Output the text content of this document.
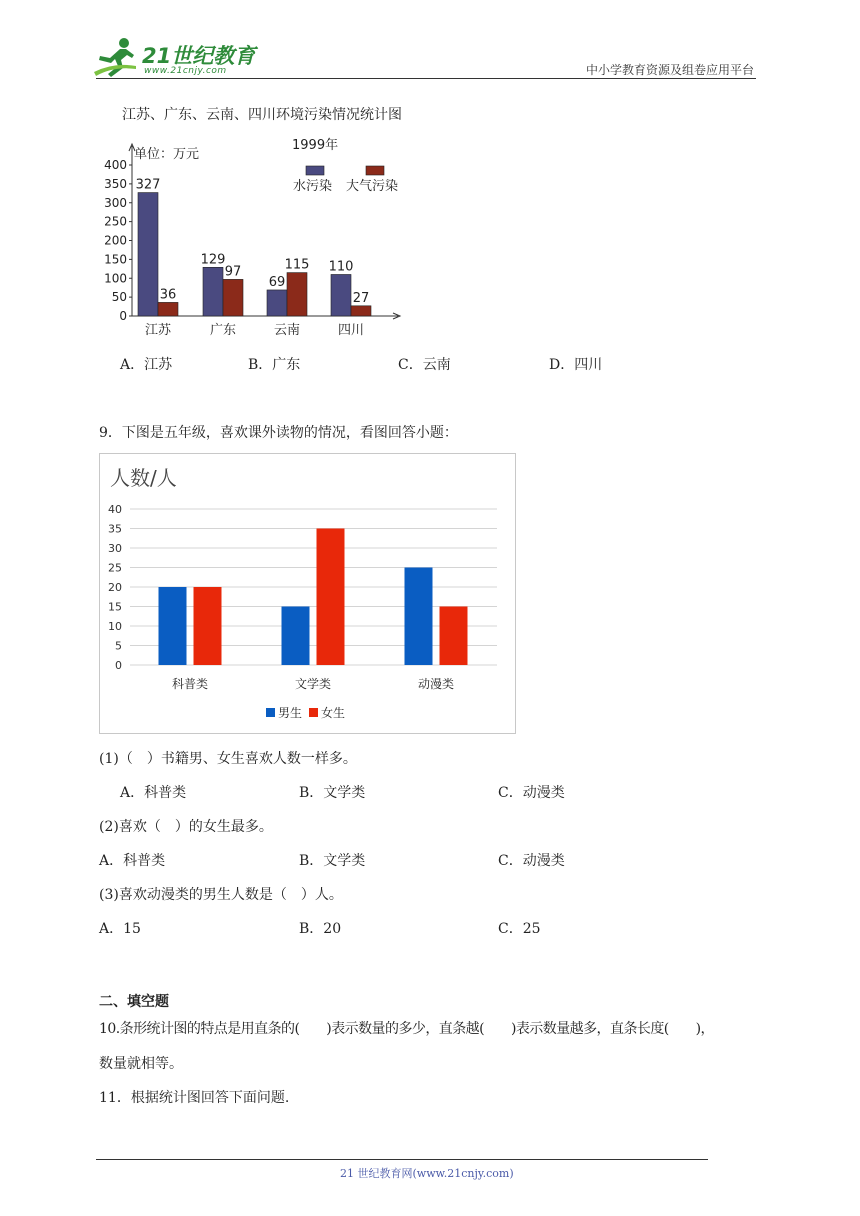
21世纪教育
www.21cnjy.com	中小学教育资源及组卷应用平台
江苏、广东、云南、四川环境污染情况统计图
0
50
100
150
200
250
300
350
400
单位：万元
1999年
327
36
江苏
129
97
广东
69
115
云南
110
27
四川
水污染 大气污染
A．江苏	B．广东	C．云南	D．四川
9．下图是五年级，喜欢课外读物的情况，看图回答小题：
人数/人
0
5
10
15
20
25
30
35
40
科普类	文学类	动漫类
男生 女生
(1)（　）书籍男、女生喜欢人数一样多。
A．科普类	B．文学类	C．动漫类
(2)喜欢（　）的女生最多。
A．科普类	B．文学类	C．动漫类
(3)喜欢动漫类的男生人数是（　）人。
A．15	B．20	C．25
二、填空题
10.条形统计图的特点是用直条的(　　)表示数量的多少，直条越(　　)表示数量越多，直条长度(　　)，
数量就相等。
11．根据统计图回答下面问题.
21 世纪教育网(www.21cnjy.com)
